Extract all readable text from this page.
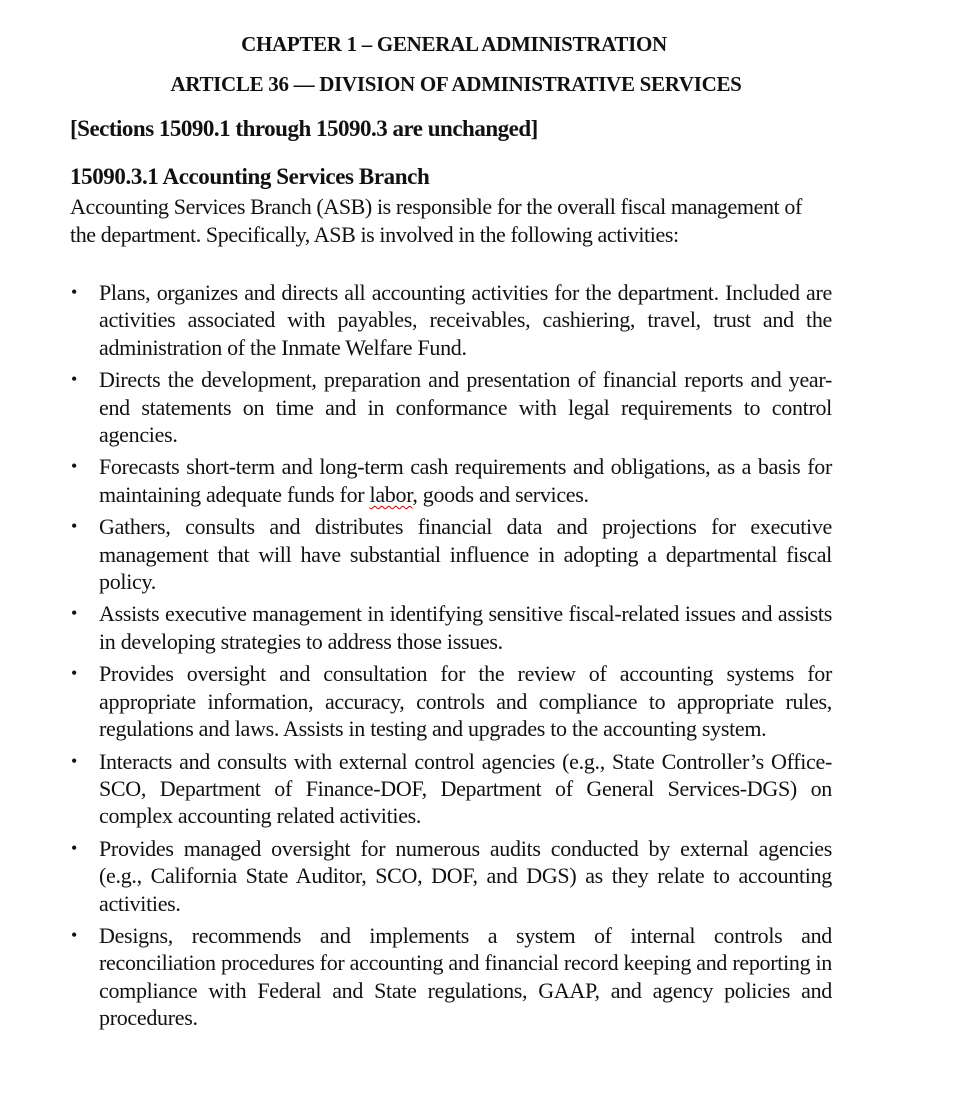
CHAPTER 1 – GENERAL ADMINISTRATION
ARTICLE 36 — DIVISION OF ADMINISTRATIVE SERVICES
[Sections 15090.1 through 15090.3 are unchanged]
15090.3.1 Accounting Services Branch
Accounting Services Branch (ASB) is responsible for the overall fiscal management of the department. Specifically, ASB is involved in the following activities:
• Plans, organizes and directs all accounting activities for the department. Included are activities associated with payables, receivables, cashiering, travel, trust and the administration of the Inmate Welfare Fund.
• Directs the development, preparation and presentation of financial reports and year-end statements on time and in conformance with legal requirements to control agencies.
• Forecasts short-term and long-term cash requirements and obligations, as a basis for maintaining adequate funds for labor, goods and services.
• Gathers, consults and distributes financial data and projections for executive management that will have substantial influence in adopting a departmental fiscal policy.
• Assists executive management in identifying sensitive fiscal-related issues and assists in developing strategies to address those issues.
• Provides oversight and consultation for the review of accounting systems for appropriate information, accuracy, controls and compliance to appropriate rules, regulations and laws. Assists in testing and upgrades to the accounting system.
• Interacts and consults with external control agencies (e.g., State Controller’s Office-SCO, Department of Finance-DOF, Department of General Services-DGS) on complex accounting related activities.
• Provides managed oversight for numerous audits conducted by external agencies (e.g., California State Auditor, SCO, DOF, and DGS) as they relate to accounting activities.
• Designs, recommends and implements a system of internal controls and reconciliation procedures for accounting and financial record keeping and reporting in compliance with Federal and State regulations, GAAP, and agency policies and procedures.
